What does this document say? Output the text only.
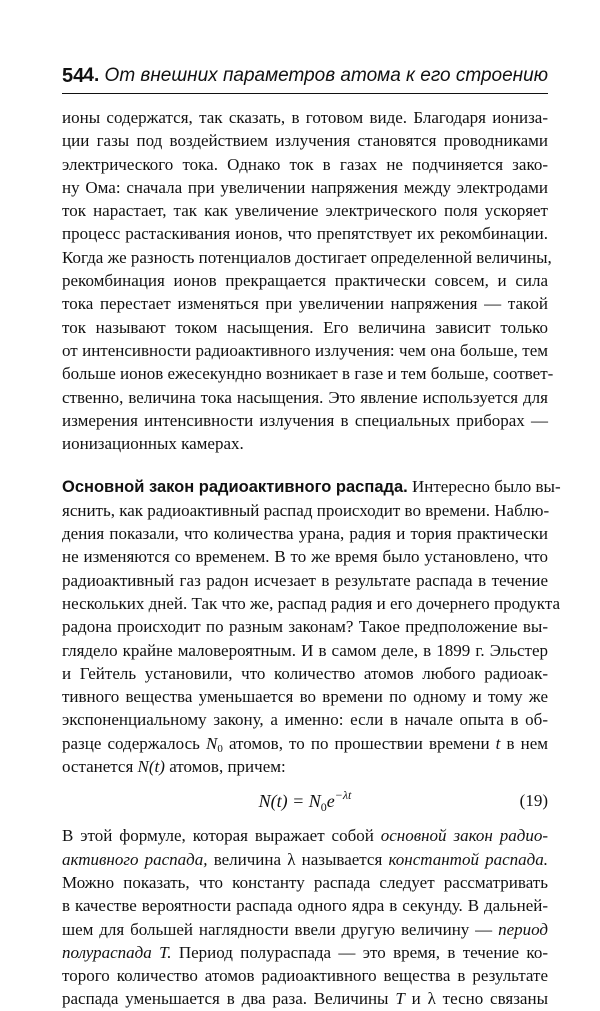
54 4. От внешних параметров атома к его строению
ионы содержатся, так сказать, в готовом виде. Благодаря иониза-
ции газы под воздействием излучения становятся проводниками
электрического тока. Однако ток в газах не подчиняется зако-
ну Ома: сначала при увеличении напряжения между электродами
ток нарастает, так как увеличение электрического поля ускоряет
процесс растаскивания ионов, что препятствует их рекомбинации.
Когда же разность потенциалов достигает определенной величины,
рекомбинация ионов прекращается практически совсем, и сила
тока перестает изменяться при увеличении напряжения — такой
ток называют током насыщения. Его величина зависит только
от интенсивности радиоактивного излучения: чем она больше, тем
больше ионов ежесекундно возникает в газе и тем больше, соответ-
ственно, величина тока насыщения. Это явление используется для
измерения интенсивности излучения в специальных приборах —
ионизационных камерах.
Основной закон радиоактивного распада. Интересно было вы-
яснить, как радиоактивный распад происходит во времени. Наблю-
дения показали, что количества урана, радия и тория практически
не изменяются со временем. В то же время было установлено, что
радиоактивный газ радон исчезает в результате распада в течение
нескольких дней. Так что же, распад радия и его дочернего продукта
радона происходит по разным законам? Такое предположение вы-
глядело крайне маловероятным. И в самом деле, в 1899 г. Эльстер
и Гейтель установили, что количество атомов любого радиоак-
тивного вещества уменьшается во времени по одному и тому же
экспоненциальному закону, а именно: если в начале опыта в об-
разце содержалось N0 атомов, то по прошествии времени t в нем
останется N(t) атомов, причем:
$N(t) = N_0e^{-\lambda t}$	(19)
В этой формуле, которая выражает собой основной закон радио-
активного распада, величина λ называется константой распада.
Можно показать, что константу распада следует рассматривать
в качестве вероятности распада одного ядра в секунду. В дальней-
шем для большей наглядности ввели другую величину — период
полураспада T. Период полураспада — это время, в течение ко-
торого количество атомов радиоактивного вещества в результате
распада уменьшается в два раза. Величины T и λ тесно связаны
